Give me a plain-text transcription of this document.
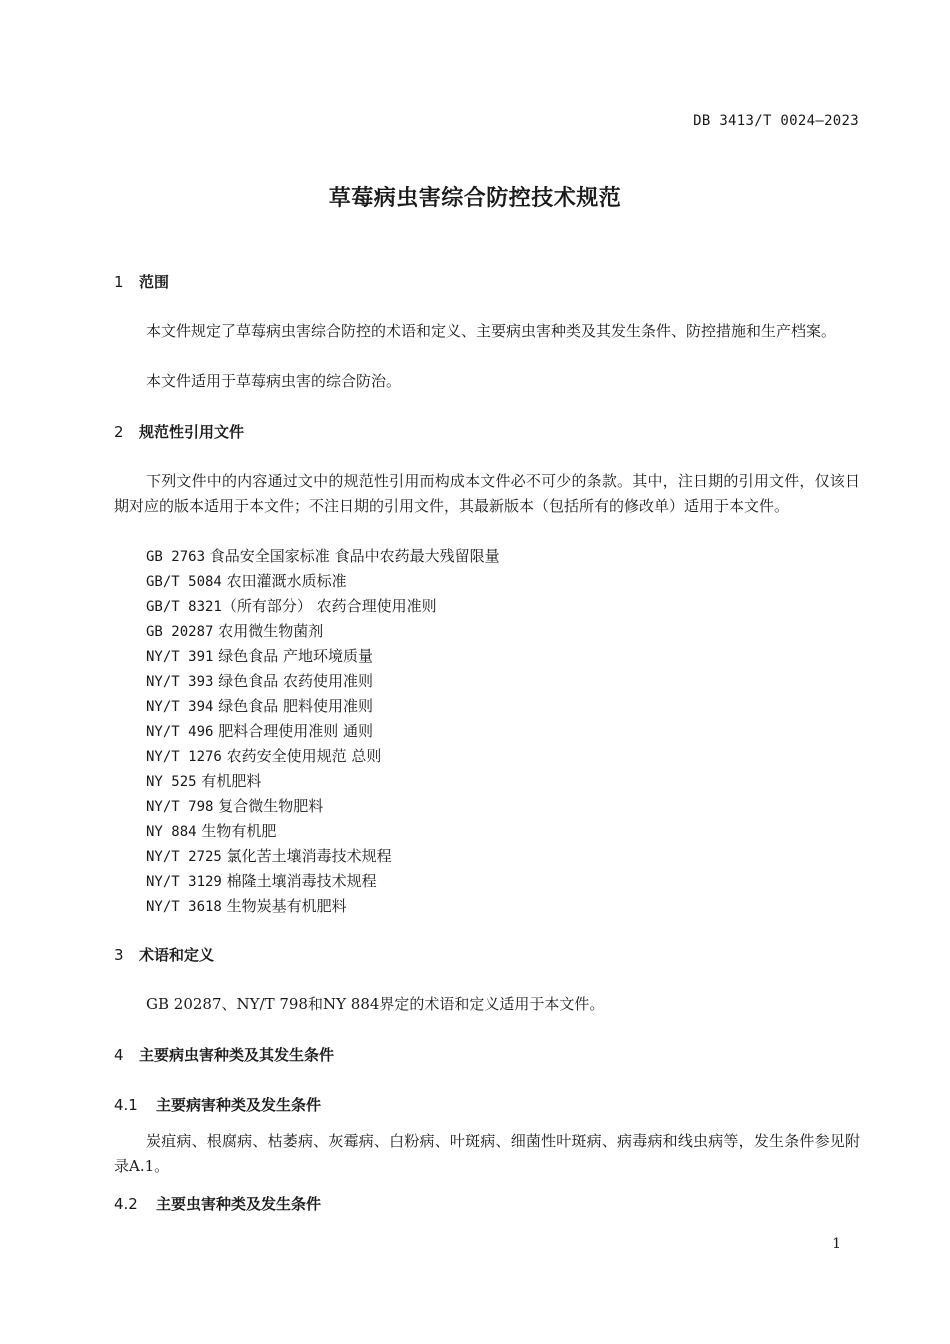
DB 3413/T 0024—2023
草莓病虫害综合防控技术规范
1 范围
本文件规定了草莓病虫害综合防控的术语和定义、主要病虫害种类及其发生条件、防控措施和生产档案。
本文件适用于草莓病虫害的综合防治。
2 规范性引用文件
下列文件中的内容通过文中的规范性引用而构成本文件必不可少的条款。其中，注日期的引用文件，仅该日期对应的版本适用于本文件；不注日期的引用文件，其最新版本（包括所有的修改单）适用于本文件。
GB 2763 食品安全国家标准 食品中农药最大残留限量
GB/T 5084 农田灌溉水质标准
GB/T 8321（所有部分） 农药合理使用准则
GB 20287 农用微生物菌剂
NY/T 391 绿色食品 产地环境质量
NY/T 393 绿色食品 农药使用准则
NY/T 394 绿色食品 肥料使用准则
NY/T 496 肥料合理使用准则 通则
NY/T 1276 农药安全使用规范 总则
NY 525 有机肥料
NY/T 798 复合微生物肥料
NY 884 生物有机肥
NY/T 2725 氯化苦土壤消毒技术规程
NY/T 3129 棉隆土壤消毒技术规程
NY/T 3618 生物炭基有机肥料
3 术语和定义
GB 20287、NY/T 798和NY 884界定的术语和定义适用于本文件。
4 主要病虫害种类及其发生条件
4.1 主要病害种类及发生条件
炭疽病、根腐病、枯萎病、灰霉病、白粉病、叶斑病、细菌性叶斑病、病毒病和线虫病等，发生条件参见附录A.1。
4.2 主要虫害种类及发生条件
1
